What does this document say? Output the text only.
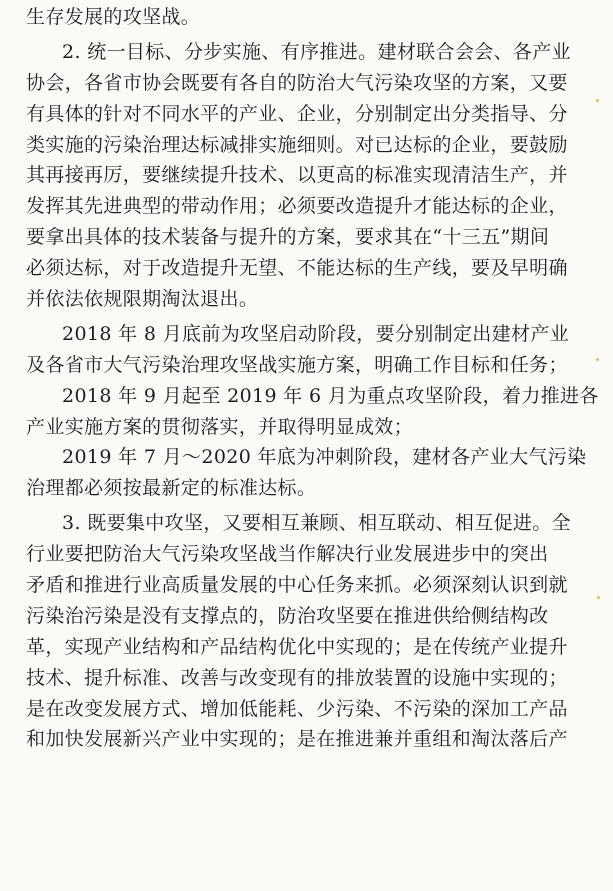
生存发展的攻坚战。
2. 统一目标、分步实施、有序推进。建材联合会会、各产业
协会，各省市协会既要有各自的防治大气污染攻坚的方案，又要
有具体的针对不同水平的产业、企业，分别制定出分类指导、分
类实施的污染治理达标减排实施细则。对已达标的企业，要鼓励
其再接再厉，要继续提升技术、以更高的标准实现清洁生产，并
发挥其先进典型的带动作用；必须要改造提升才能达标的企业，
要拿出具体的技术装备与提升的方案，要求其在“十三五”期间
必须达标，对于改造提升无望、不能达标的生产线，要及早明确
并依法依规限期淘汰退出。
2018 年 8 月底前为攻坚启动阶段，要分别制定出建材产业
及各省市大气污染治理攻坚战实施方案，明确工作目标和任务；
2018 年 9 月起至 2019 年 6 月为重点攻坚阶段，着力推进各
产业实施方案的贯彻落实，并取得明显成效；
2019 年 7 月～2020 年底为冲刺阶段，建材各产业大气污染
治理都必须按最新定的标准达标。
3. 既要集中攻坚，又要相互兼顾、相互联动、相互促进。全
行业要把防治大气污染攻坚战当作解决行业发展进步中的突出
矛盾和推进行业高质量发展的中心任务来抓。必须深刻认识到就
污染治污染是没有支撑点的，防治攻坚要在推进供给侧结构改
革，实现产业结构和产品结构优化中实现的；是在传统产业提升
技术、提升标准、改善与改变现有的排放装置的设施中实现的；
是在改变发展方式、增加低能耗、少污染、不污染的深加工产品
和加快发展新兴产业中实现的；是在推进兼并重组和淘汰落后产
